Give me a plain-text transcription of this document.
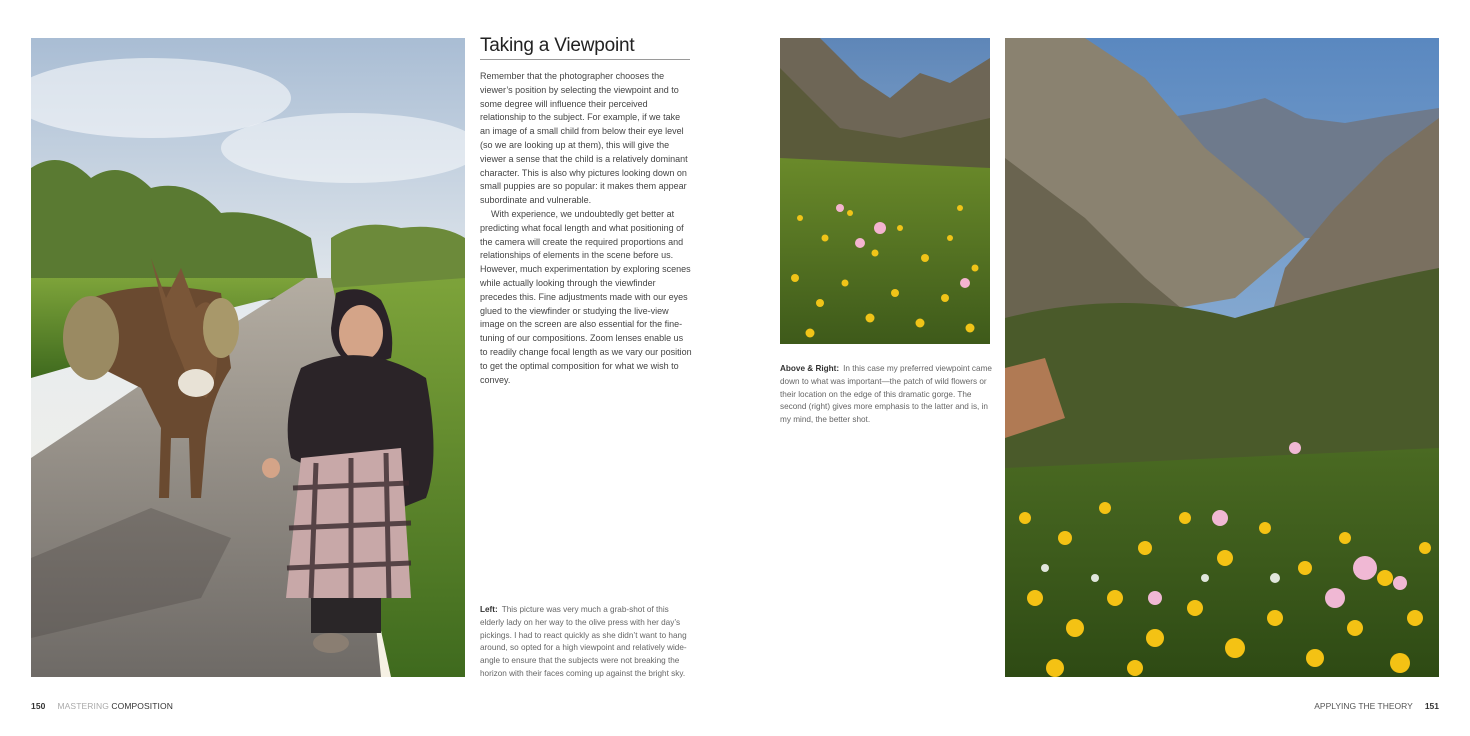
Taking a Viewpoint

Remember that the photographer chooses the viewer’s position by selecting the viewpoint and to some degree will influence their perceived relationship to the subject. For example, if we take an image of a small child from below their eye level (so we are looking up at them), this will give the viewer a sense that the child is a relatively dominant character. This is also why pictures looking down on small puppies are so popular: it makes them appear subordinate and vulnerable.

With experience, we undoubtedly get better at predicting what focal length and what positioning of the camera will create the required proportions and relationships of elements in the scene before us. However, much experimentation by exploring scenes while actually looking through the viewfinder precedes this. Fine adjustments made with our eyes glued to the viewfinder or studying the live-view image on the screen are also essential for the fine-tuning of our compositions. Zoom lenses enable us to readily change focal length as we vary our position to get the optimal composition for what we wish to convey.

Left: This picture was very much a grab-shot of this elderly lady on her way to the olive press with her day’s pickings. I had to react quickly as she didn’t want to hang around, so opted for a high viewpoint and relatively wide-angle to ensure that the subjects were not breaking the horizon with their faces coming up against the bright sky.

Above & Right: In this case my preferred viewpoint came down to what was important—the patch of wild flowers or their location on the edge of this dramatic gorge. The second (right) gives more emphasis to the latter and is, in my mind, the better shot.

150 MASTERING COMPOSITION	APPLYING THE THEORY 151
